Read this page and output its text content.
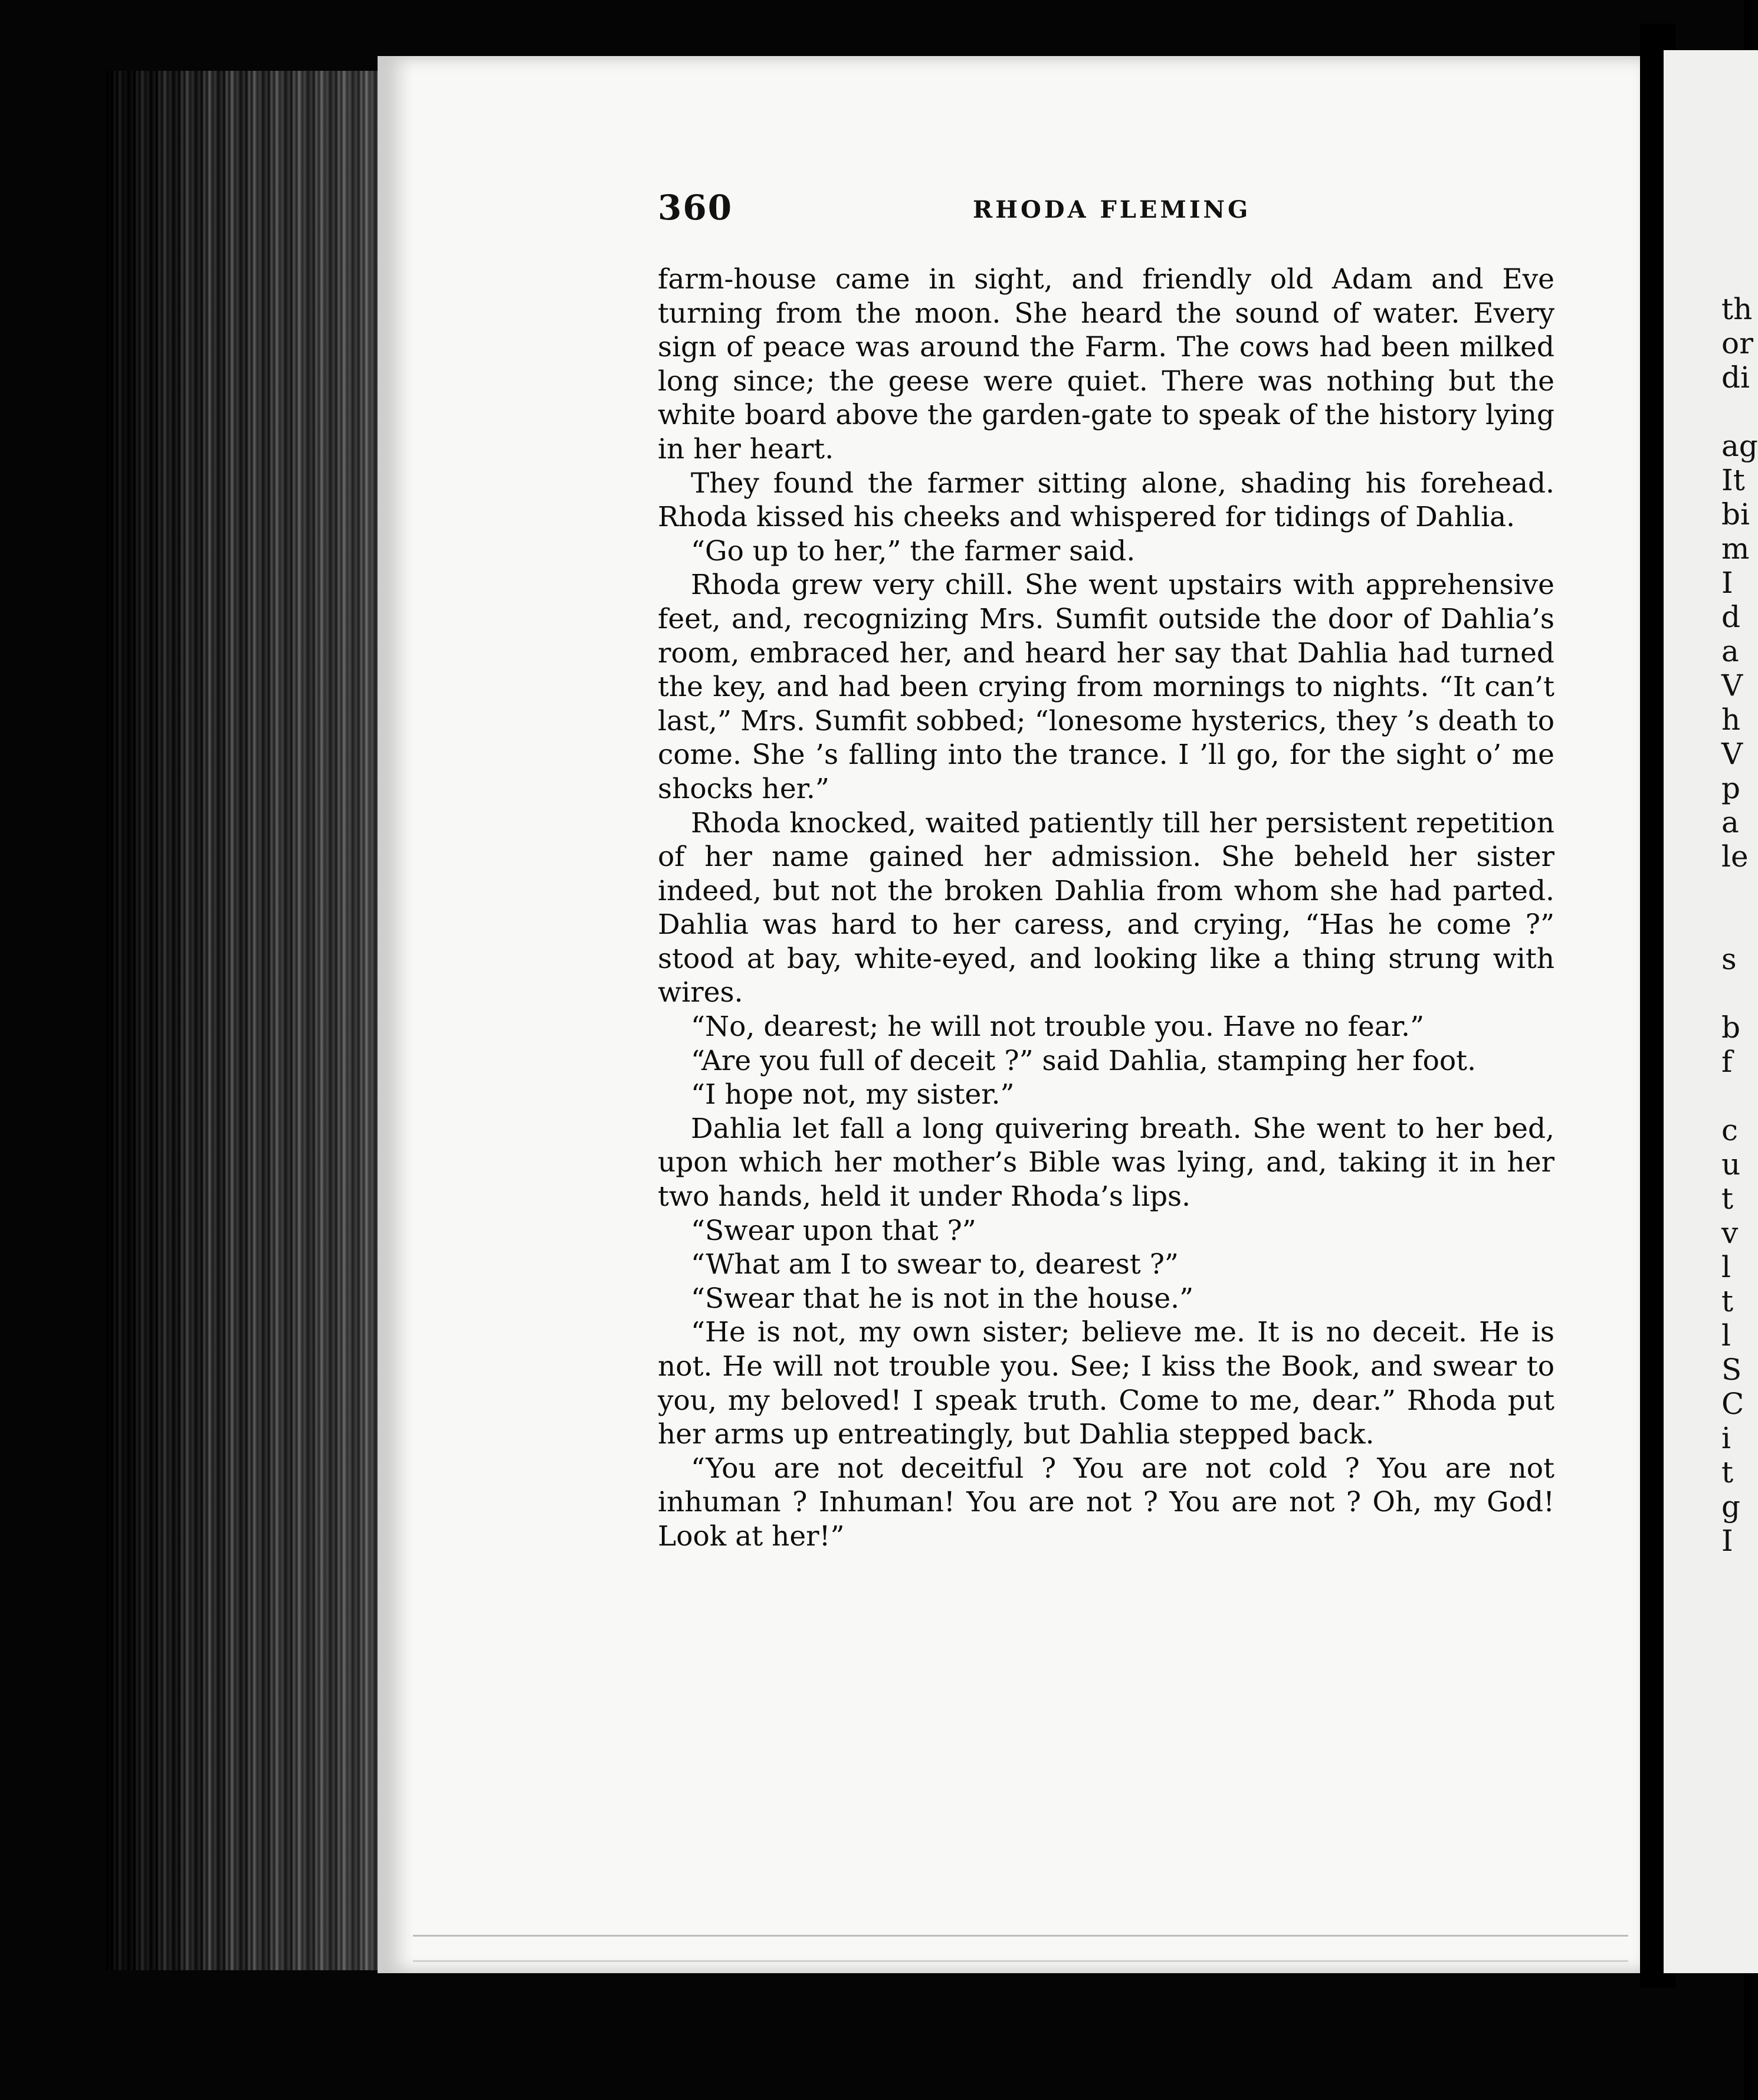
th
or
di
ag
It
bi
m
I
d
a
V
h
V
p
a
le
s
b
f
c
u
t
v
l
t
l
S
C
i
t
g
I
360	RHODA FLEMING

farm-house came in sight, and friendly old Adam and Eve turning from the moon. She heard the sound of water. Every sign of peace was around the Farm. The cows had been milked long since; the geese were quiet. There was nothing but the white board above the garden-gate to speak of the history lying in her heart.

They found the farmer sitting alone, shading his forehead. Rhoda kissed his cheeks and whispered for tidings of Dahlia.

“Go up to her,” the farmer said.

Rhoda grew very chill. She went upstairs with apprehensive feet, and, recognizing Mrs. Sumfit outside the door of Dahlia’s room, embraced her, and heard her say that Dahlia had turned the key, and had been crying from mornings to nights. “It can’t last,” Mrs. Sumfit sobbed; “lonesome hysterics, they ’s death to come. She ’s falling into the trance. I ’ll go, for the sight o’ me shocks her.”

Rhoda knocked, waited patiently till her persistent repetition of her name gained her admission. She beheld her sister indeed, but not the broken Dahlia from whom she had parted. Dahlia was hard to her caress, and crying, “Has he come ?” stood at bay, white-eyed, and looking like a thing strung with wires.

“No, dearest; he will not trouble you. Have no fear.”

“Are you full of deceit ?” said Dahlia, stamping her foot.

“I hope not, my sister.”

Dahlia let fall a long quivering breath. She went to her bed, upon which her mother’s Bible was lying, and, taking it in her two hands, held it under Rhoda’s lips.

“Swear upon that ?”

“What am I to swear to, dearest ?”

“Swear that he is not in the house.”

“He is not, my own sister; believe me. It is no deceit. He is not. He will not trouble you. See; I kiss the Book, and swear to you, my beloved! I speak truth. Come to me, dear.” Rhoda put her arms up entreatingly, but Dahlia stepped back.

“You are not deceitful ? You are not cold ? You are not inhuman ? Inhuman! You are not ? You are not ? Oh, my God! Look at her!”
